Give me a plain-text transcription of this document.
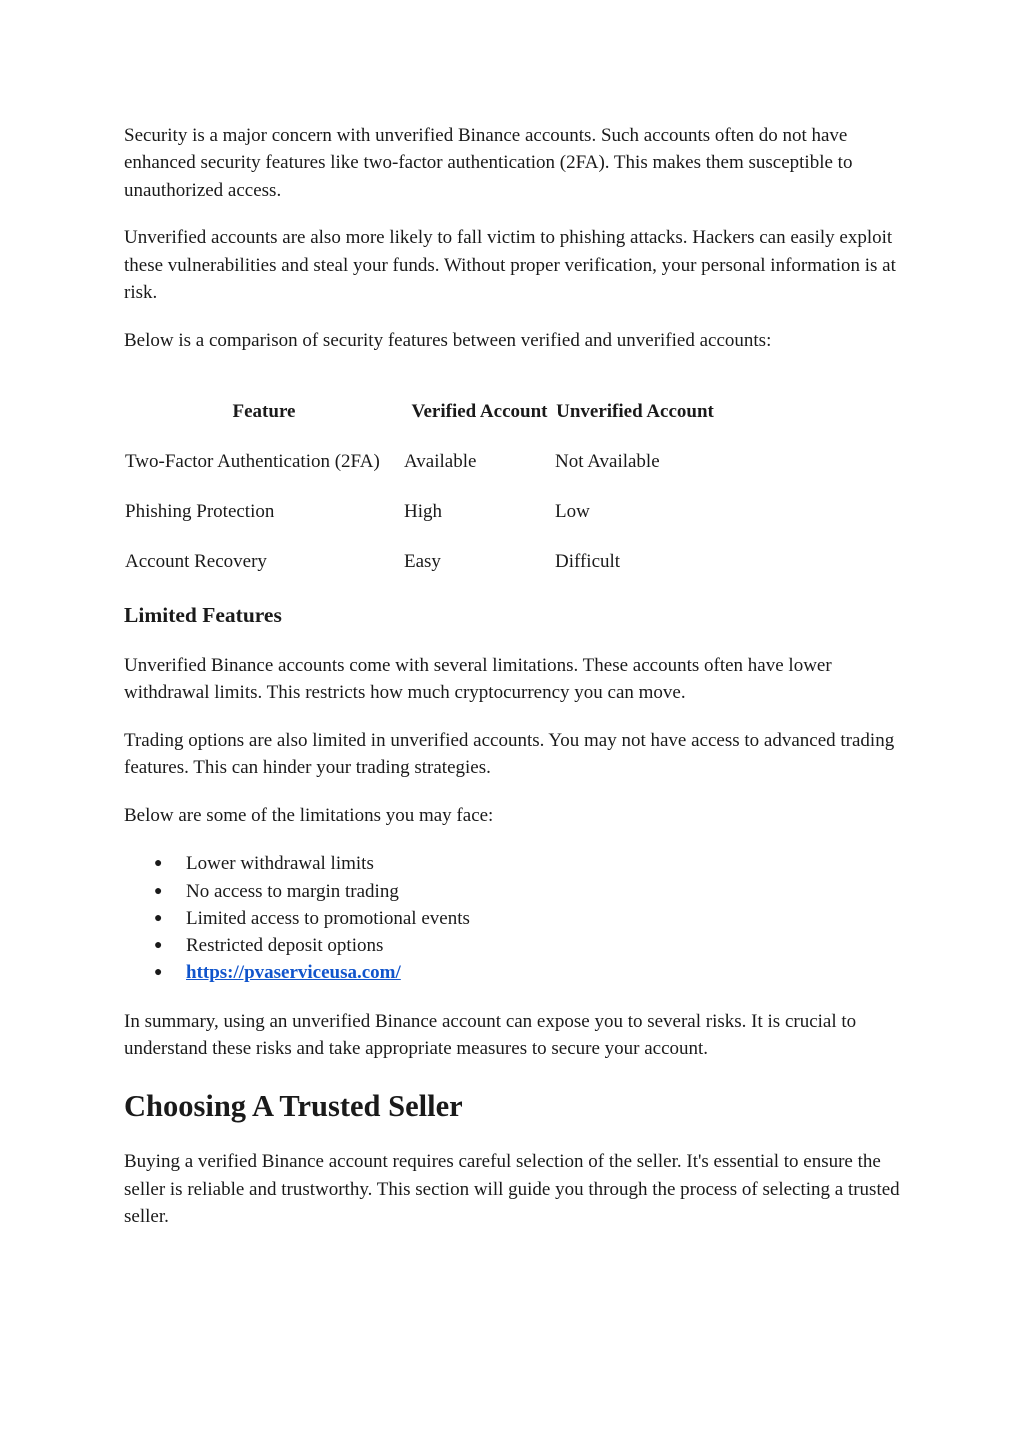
Security is a major concern with unverified Binance accounts. Such accounts often do not have enhanced security features like two-factor authentication (2FA). This makes them susceptible to unauthorized access.

Unverified accounts are also more likely to fall victim to phishing attacks. Hackers can easily exploit these vulnerabilities and steal your funds. Without proper verification, your personal information is at risk.

Below is a comparison of security features between verified and unverified accounts:

Feature	Verified Account	Unverified Account
Two-Factor Authentication (2FA)	Available	Not Available
Phishing Protection	High	Low
Account Recovery	Easy	Difficult
Limited Features

Unverified Binance accounts come with several limitations. These accounts often have lower withdrawal limits. This restricts how much cryptocurrency you can move.

Trading options are also limited in unverified accounts. You may not have access to advanced trading features. This can hinder your trading strategies.

Below are some of the limitations you may face:

● Lower withdrawal limits
● No access to margin trading
● Limited access to promotional events
● Restricted deposit options
● https://pvaserviceusa.com/

In summary, using an unverified Binance account can expose you to several risks. It is crucial to understand these risks and take appropriate measures to secure your account.

Choosing A Trusted Seller

Buying a verified Binance account requires careful selection of the seller. It's essential to ensure the seller is reliable and trustworthy. This section will guide you through the process of selecting a trusted seller.
